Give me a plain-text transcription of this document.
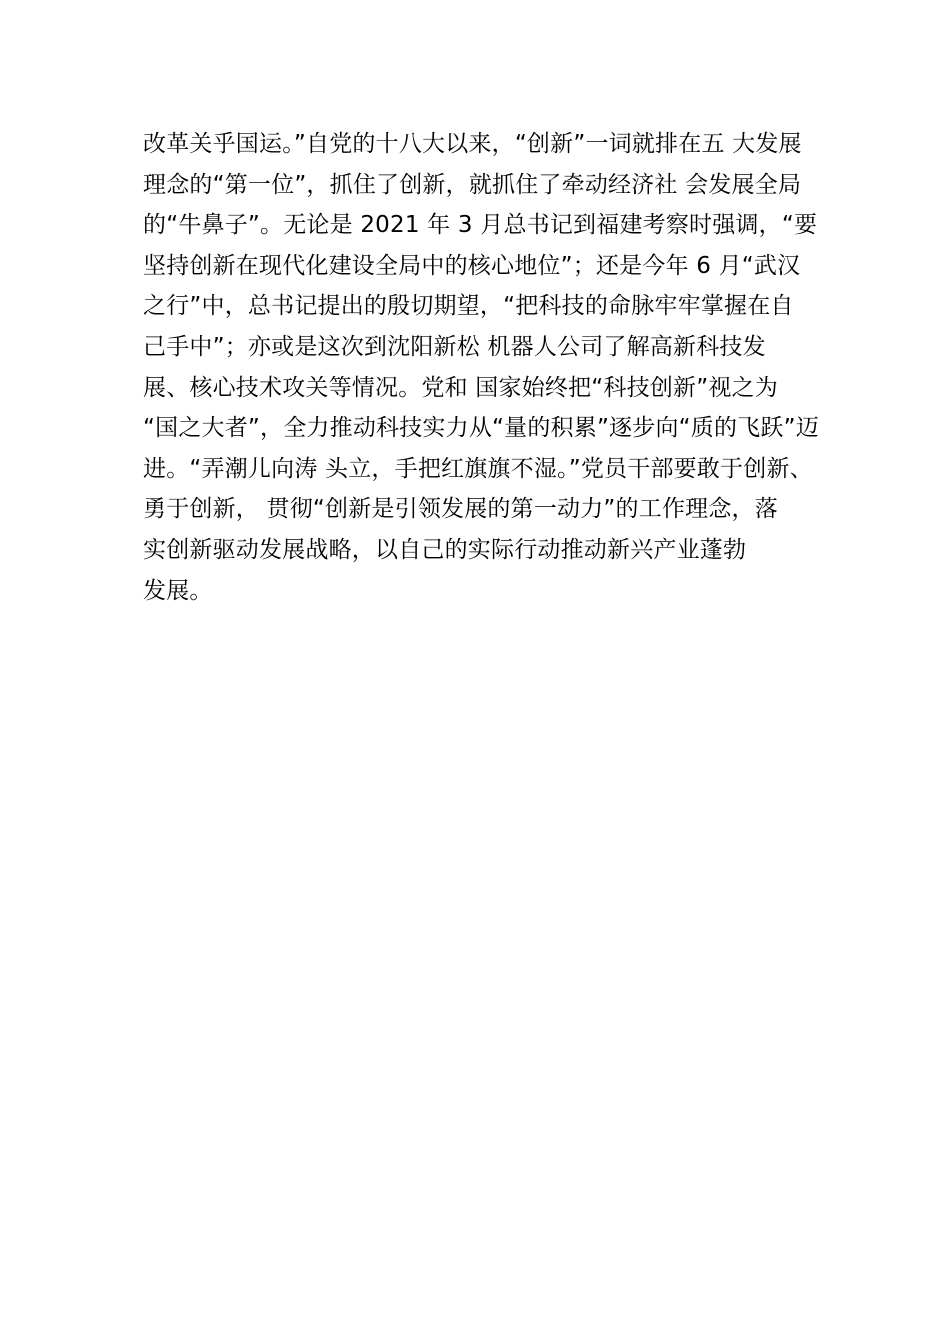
改革关乎国运。”自党的十八大以来，“创新”一词就排在五 大发展
理念的“第一位”，抓住了创新，就抓住了牵动经济社 会发展全局
的“牛鼻子”。无论是 2021 年 3 月总书记到福建考察时强调，“要
坚持创新在现代化建设全局中的核心地位”；还是今年 6 月“武汉
之行”中，总书记提出的殷切期望，“把科技的命脉牢牢掌握在自
己手中”；亦或是这次到沈阳新松 机器人公司了解高新科技发
展、核心技术攻关等情况。党和 国家始终把“科技创新”视之为
“国之大者”，全力推动科技实力从“量的积累”逐步向“质的飞跃”迈
进。“弄潮儿向涛 头立，手把红旗旗不湿。”党员干部要敢于创新、
勇于创新， 贯彻“创新是引领发展的第一动力”的工作理念，落
实创新驱动发展战略，以自己的实际行动推动新兴产业蓬勃
发展。
